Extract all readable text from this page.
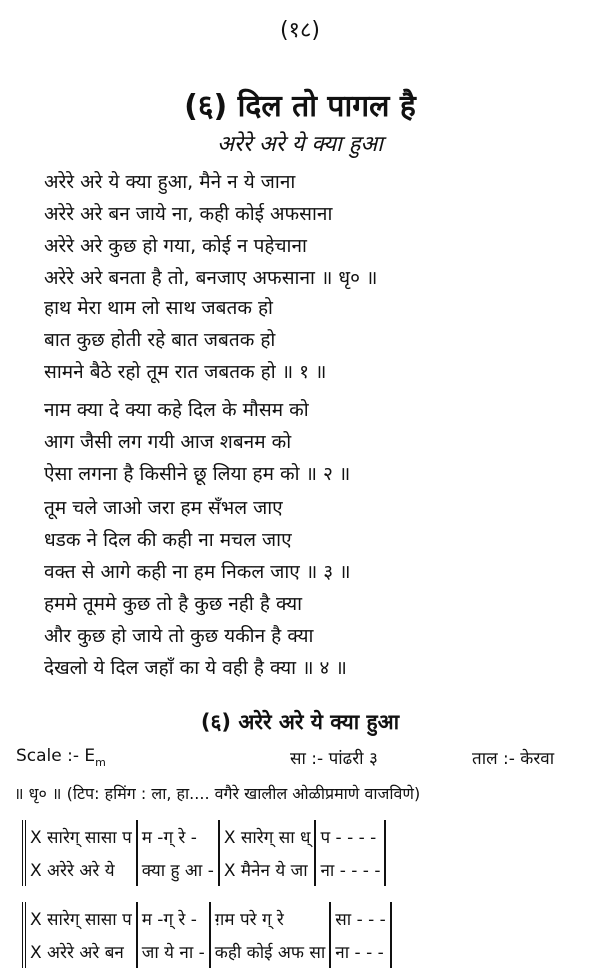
(१८)
(६) दिल तो पागल है
अरेरे अरे ये क्या हुआ
अरेरे अरे ये क्या हुआ, मैने न ये जाना
अरेरे अरे बन जाये ना, कही कोई अफसाना
अरेरे अरे कुछ हो गया, कोई न पहेचाना
अरेरे अरे बनता है तो, बनजाए अफसाना ॥ धृ० ॥
हाथ मेरा थाम लो साथ जबतक हो
बात कुछ होती रहे बात जबतक हो
सामने बैठे रहो तूम रात जबतक हो ॥ १ ॥
नाम क्या दे क्या कहे दिल के मौसम को
आग जैसी लग गयी आज शबनम को
ऐसा लगना है किसीने छू लिया हम को ॥ २ ॥
तूम चले जाओ जरा हम सँभल जाए
धडक ने दिल की कही ना मचल जाए
वक्त से आगे कही ना हम निकल जाए ॥ ३ ॥
हममे तूममे कुछ तो है कुछ नही है क्या
और कुछ हो जाये तो कुछ यकीन है क्या
देखलो ये दिल जहाँ का ये वही है क्या ॥ ४ ॥
(६) अरेरे अरे ये क्या हुआ
Scale :- $E_m$	सा :- पांढरी ३	ताल :- केरवा
॥ धृ० ॥ (टिप: हमिंग : ला, हा.... वगैरे खालील ओळीप्रमाणे वाजविणे)
X सारेग् सासा प	म -ग् रे -	X सारेग् सा ध्	प - - - -
X अरेरे अरे ये	क्या हु आ -	X मैनेन ये जा	ना - - - -
X सारेग् सासा प	म -ग् रे -	ग़म परे ग् रे	सा - - -
X अरेरे अरे बन	जा ये ना -	कही कोई अफ सा	ना - - -
